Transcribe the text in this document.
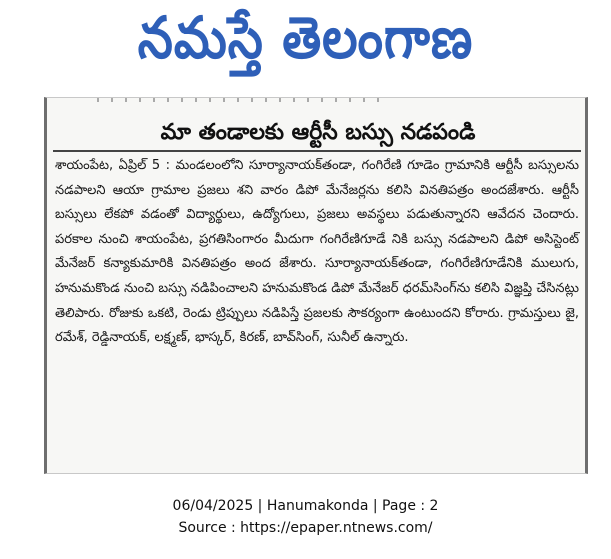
నమస్తే తెలంగాణ
మా తండాలకు ఆర్టీసీ బస్సు నడపండి

శాయంపేట, ఏప్రిల్ 5 : మండలంలోని సూర్యానాయక్‌తండా, గంగిరేణి గూడెం గ్రామానికి ఆర్టీసీ బస్సులను నడపాలని ఆయా గ్రామాల ప్రజలు శని వారం డిపో మేనేజర్లను కలిసి వినతిపత్రం అందజేశారు. ఆర్టీసీ బస్సులు లేకపో వడంతో విద్యార్థులు, ఉద్యోగులు, ప్రజలు అవస్థలు పడుతున్నారని ఆవేదన చెందారు. పరకాల నుంచి శాయంపేట, ప్రగతిసింగారం మీదుగా గంగిరేణిగూడే నికి బస్సు నడపాలని డిపో అసిస్టెంట్ మేనేజర్ కన్యాకుమారికి వినతిపత్రం అంద జేశారు. సూర్యానాయక్‌తండా, గంగిరేణిగూడేనికి ములుగు, హనుమకొండ నుంచి బస్సు నడిపించాలని హనుమకొండ డిపో మేనేజర్ ధరమ్‌సింగ్‌ను కలిసి విజ్ఞప్తి చేసినట్లు తెలిపారు. రోజుకు ఒకటి, రెండు ట్రిప్పులు నడిపిస్తే ప్రజలకు సౌకర్యంగా ఉంటుందని కోరారు. గ్రామస్తులు జై, రమేశ్, రెడ్డినాయక్, లక్ష్మణ్, భాస్కర్, కిరణ్, బావ్‌సింగ్, సునీల్ ఉన్నారు.

06/04/2025 | Hanumakonda | Page : 2
Source : https://epaper.ntnews.com/
